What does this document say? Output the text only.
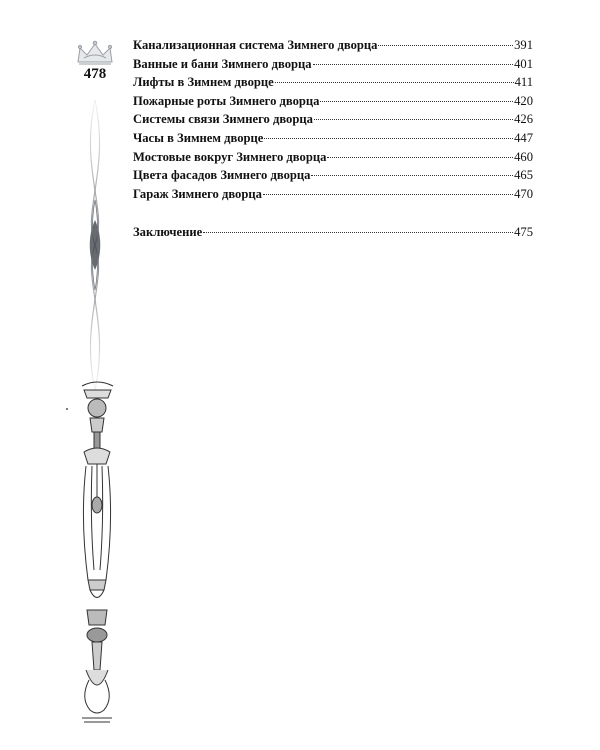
478
Канализационная система Зимнего дворца	391
Ванные и бани Зимнего дворца	401
Лифты в Зимнем дворце	411
Пожарные роты Зимнего дворца	420
Системы связи Зимнего дворца	426
Часы в Зимнем дворце	447
Мостовые вокруг Зимнего дворца	460
Цвета фасадов Зимнего дворца	465
Гараж Зимнего дворца	470
Заключение	475
